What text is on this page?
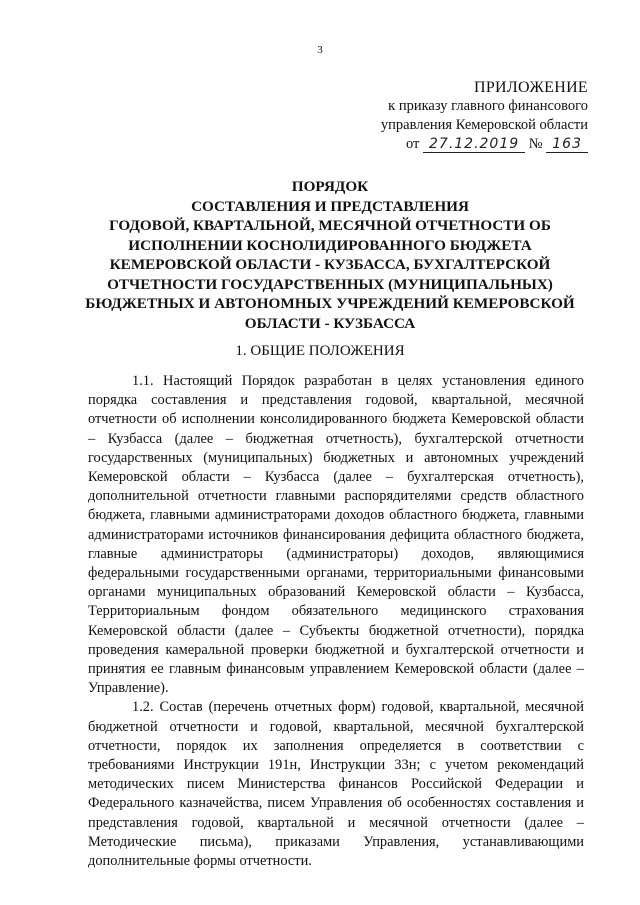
3
ПРИЛОЖЕНИЕ
к приказу главного финансового
управления Кемеровской области
от 27.12.2019 № 163
ПОРЯДОК
СОСТАВЛЕНИЯ И ПРЕДСТАВЛЕНИЯ
ГОДОВОЙ, КВАРТАЛЬНОЙ, МЕСЯЧНОЙ ОТЧЕТНОСТИ ОБ
ИСПОЛНЕНИИ КОСНОЛИДИРОВАННОГО БЮДЖЕТА
КЕМЕРОВСКОЙ ОБЛАСТИ - КУЗБАССА, БУХГАЛТЕРСКОЙ
ОТЧЕТНОСТИ ГОСУДАРСТВЕННЫХ (МУНИЦИПАЛЬНЫХ)
БЮДЖЕТНЫХ И АВТОНОМНЫХ УЧРЕЖДЕНИЙ КЕМЕРОВСКОЙ
ОБЛАСТИ - КУЗБАССА
1. ОБЩИЕ ПОЛОЖЕНИЯ

1.1. Настоящий Порядок разработан в целях установления единого порядка составления и представления годовой, квартальной, месячной отчетности об исполнении консолидированного бюджета Кемеровской области – Кузбасса (далее – бюджетная отчетность), бухгалтерской отчетности государственных (муниципальных) бюджетных и автономных учреждений Кемеровской области – Кузбасса (далее – бухгалтерская отчетность), дополнительной отчетности главными распорядителями средств областного бюджета, главными администраторами доходов областного бюджета, главными администраторами источников финансирования дефицита областного бюджета, главные администраторы (администраторы) доходов, являющимися федеральными государственными органами, территориальными финансовыми органами муниципальных образований Кемеровской области – Кузбасса, Территориальным фондом обязательного медицинского страхования Кемеровской области (далее – Субъекты бюджетной отчетности), порядка проведения камеральной проверки бюджетной и бухгалтерской отчетности и принятия ее главным финансовым управлением Кемеровской области (далее – Управление).

1.2. Состав (перечень отчетных форм) годовой, квартальной, месячной бюджетной отчетности и годовой, квартальной, месячной бухгалтерской отчетности, порядок их заполнения определяется в соответствии с требованиями Инструкции 191н, Инструкции 33н; с учетом рекомендаций методических писем Министерства финансов Российской Федерации и Федерального казначейства, писем Управления об особенностях составления и представления годовой, квартальной и месячной отчетности (далее – Методические письма), приказами Управления, устанавливающими дополнительные формы отчетности.
